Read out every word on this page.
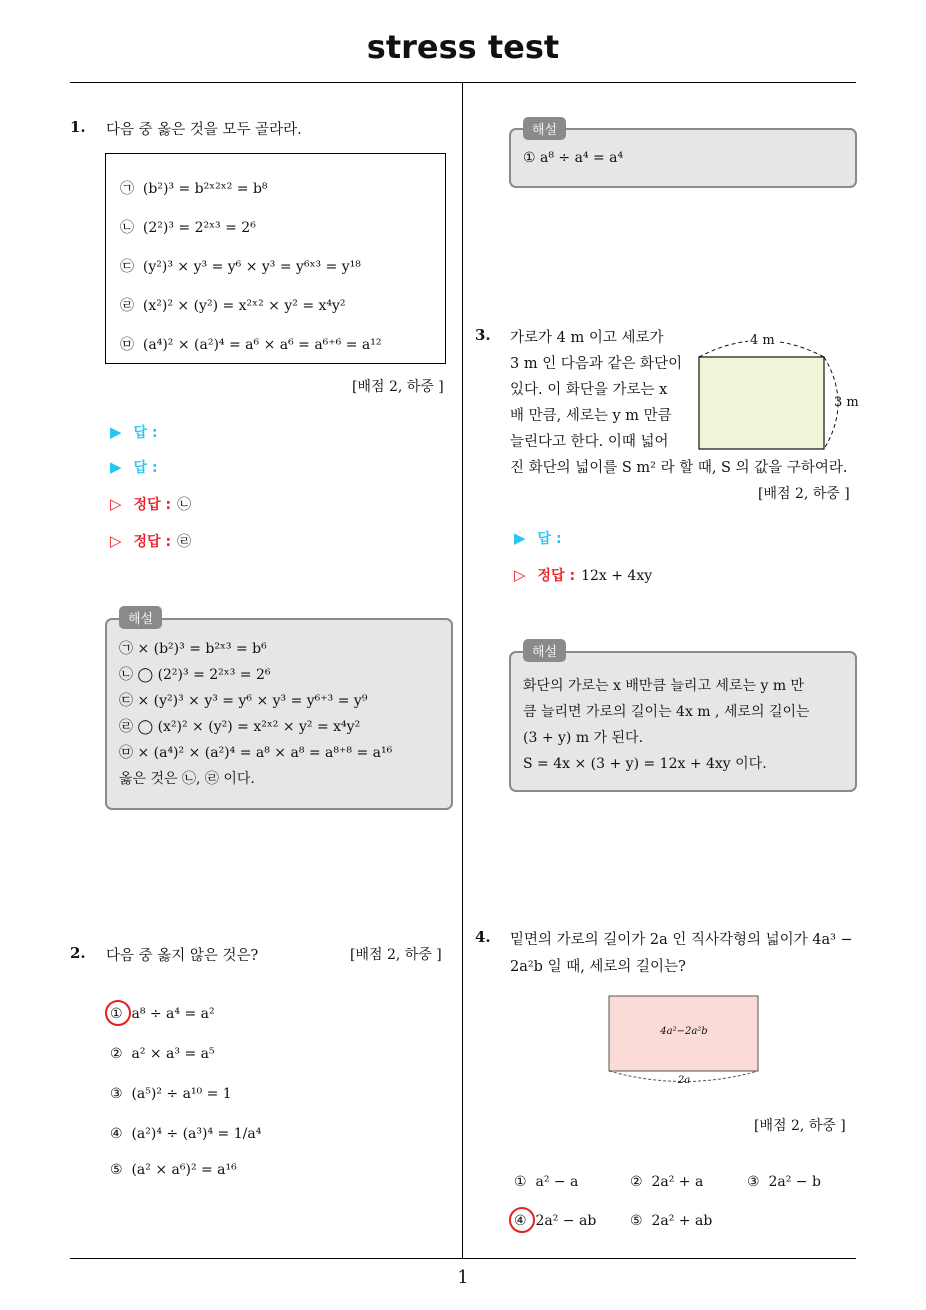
stress test
1
1. 다음 중 옳은 것을 모두 골라라.
㉠ (b²)³ = b²ˣ²ˣ² = b⁸
㉡ (2²)³ = 2²ˣ³ = 2⁶
㉢ (y²)³ × y³ = y⁶ × y³ = y⁶ˣ³ = y¹⁸
㉣ (x²)² × (y²) = x²ˣ² × y² = x⁴y²
㉤ (a⁴)² × (a²)⁴ = a⁶ × a⁶ = a⁶⁺⁶ = a¹²
[배점 2, 하중 ]
▶ 답 :
▶ 답 :
▷ 정답 : ㉡
▷ 정답 : ㉣
㉠ × (b²)³ = b²ˣ³ = b⁶
㉡ ◯ (2²)³ = 2²ˣ³ = 2⁶
㉢ × (y²)³ × y³ = y⁶ × y³ = y⁶⁺³ = y⁹
㉣ ◯ (x²)² × (y²) = x²ˣ² × y² = x⁴y²
㉤ × (a⁴)² × (a²)⁴ = a⁸ × a⁸ = a⁸⁺⁸ = a¹⁶
옳은 것은 ㉡, ㉣ 이다.
해설
2. 다음 중 옳지 않은 것은?	[배점 2, 하중 ]
① a⁸ ÷ a⁴ = a²
② a² × a³ = a⁵
③ (a⁵)² ÷ a¹⁰ = 1
④ (a²)⁴ ÷ (a³)⁴ = 1/a⁴
⑤ (a² × a⁶)² = a¹⁶
① a⁸ ÷ a⁴ = a⁴
해설
3. 가로가 4 m 이고 세로가
3 m 인 다음과 같은 화단이
있다. 이 화단을 가로는 x
배 만큼, 세로는 y m 만큼
늘린다고 한다. 이때 넓어
진 화단의 넓이를 S m² 라 할 때, S 의 값을 구하여라.
4 m
3 m
[배점 2, 하중 ]
▶ 답 :
▷ 정답 : 12x + 4xy
화단의 가로는 x 배만큼 늘리고 세로는 y m 만
큼 늘리면 가로의 길이는 4x m , 세로의 길이는
(3 + y) m 가 된다.
S = 4x × (3 + y) = 12x + 4xy 이다.
해설
4. 밑면의 가로의 길이가 2a 인 직사각형의 넓이가 4a³ −
2a²b 일 때, 세로의 길이는?
4a²−2a²b
2a
[배점 2, 하중 ]
① a² − a	② 2a² + a	③ 2a² − b
④ 2a² − ab ⑤ 2a² + ab
